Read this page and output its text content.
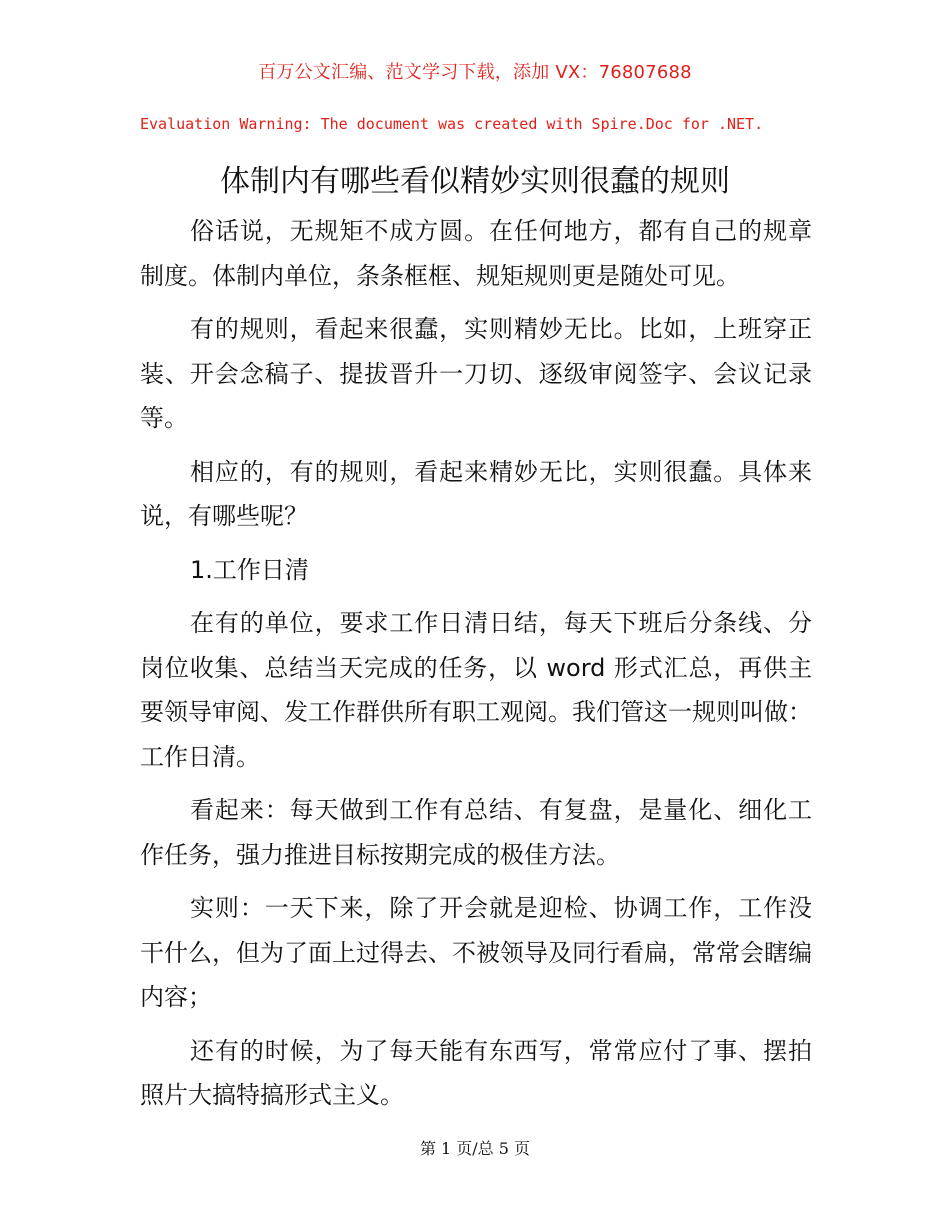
百万公文汇编、范文学习下载，添加 VX：76807688
Evaluation Warning: The document was created with Spire.Doc for .NET.
体制内有哪些看似精妙实则很蠢的规则

俗话说，无规矩不成方圆。在任何地方，都有自己的规章制度。体制内单位，条条框框、规矩规则更是随处可见。

有的规则，看起来很蠢，实则精妙无比。比如，上班穿正装、开会念稿子、提拔晋升一刀切、逐级审阅签字、会议记录等。

相应的，有的规则，看起来精妙无比，实则很蠢。具体来说，有哪些呢？

1.工作日清

在有的单位，要求工作日清日结，每天下班后分条线、分岗位收集、总结当天完成的任务，以 word 形式汇总，再供主要领导审阅、发工作群供所有职工观阅。我们管这一规则叫做：工作日清。

看起来：每天做到工作有总结、有复盘，是量化、细化工作任务，强力推进目标按期完成的极佳方法。

实则：一天下来，除了开会就是迎检、协调工作，工作没干什么，但为了面上过得去、不被领导及同行看扁，常常会瞎编内容；

还有的时候，为了每天能有东西写，常常应付了事、摆拍照片大搞特搞形式主义。

第 1 页/总 5 页
